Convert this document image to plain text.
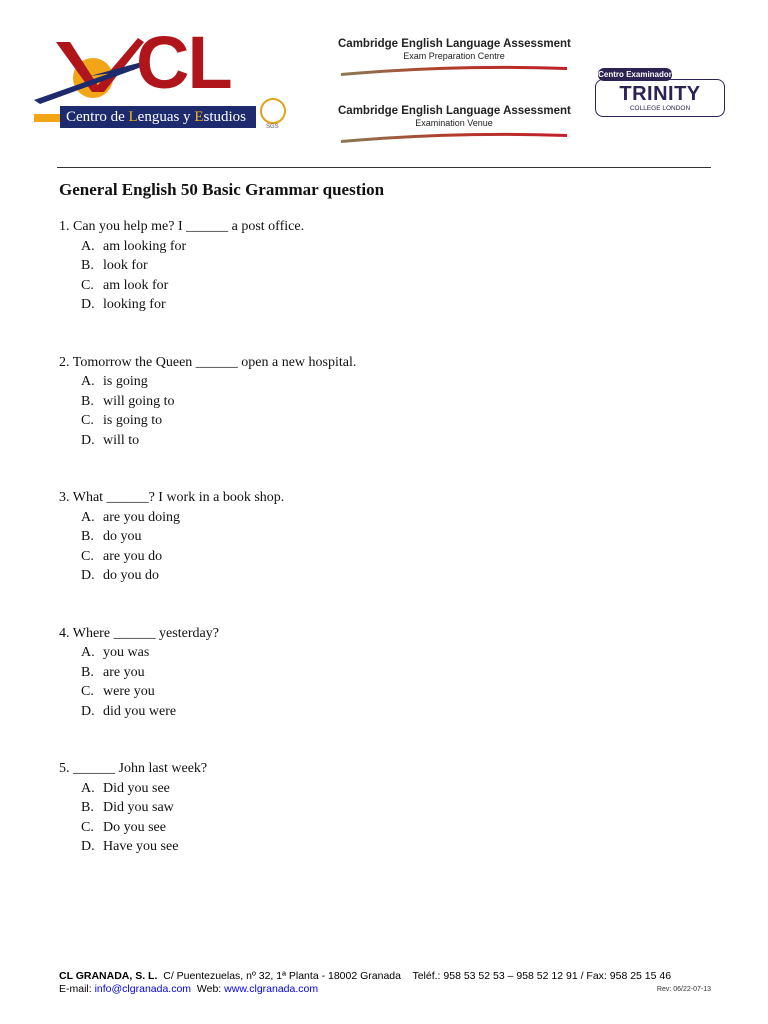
CL
Centro de Lenguas y Estudios
SGS
Cambridge English Language Assessment
Exam Preparation Centre
Cambridge English Language Assessment
Examination Venue
Centro Examinador
TRINITY
COLLEGE LONDON
General English 50 Basic Grammar question
1. Can you help me? I ______ a post office.
A. am looking for
B. look for
C. am look for
D. looking for
2. Tomorrow the Queen ______ open a new hospital.
A. is going
B. will going to
C. is going to
D. will to
3. What ______? I work in a book shop.
A. are you doing
B. do you
C. are you do
D. do you do
4. Where ______ yesterday?
A. you was
B. are you
C. were you
D. did you were
5. ______ John last week?
A. Did you see
B. Did you saw
C. Do you see
D. Have you see
CL GRANADA, S. L. C/ Puentezuelas, nº 32, 1ª Planta - 18002 Granada Teléf.: 958 53 52 53 – 958 52 12 91 / Fax: 958 25 15 46
E-mail: info@clgranada.com Web: www.clgranada.com	Rev: 06/22-07-13
